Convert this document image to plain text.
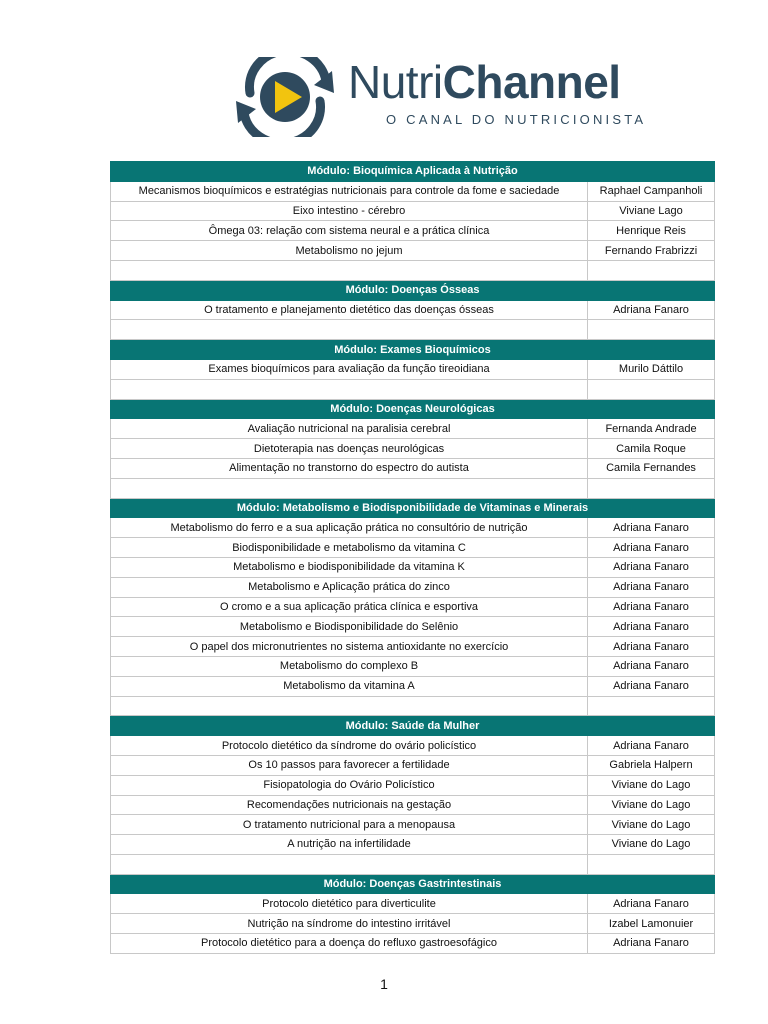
NutriChannel
O CANAL DO NUTRICIONISTA
Módulo: Bioquímica Aplicada à Nutrição	
Mecanismos bioquímicos e estratégias nutricionais para controle da fome e saciedade	Raphael Campanholi
Eixo intestino - cérebro	Viviane Lago
Ômega 03: relação com sistema neural e a prática clínica	Henrique Reis
Metabolismo no jejum	Fernando Frabrizzi

Módulo: Doenças Ósseas	
O tratamento e planejamento dietético das doenças ósseas	Adriana Fanaro

Módulo: Exames Bioquímicos	
Exames bioquímicos para avaliação da função tireoidiana	Murilo Dáttilo

Módulo: Doenças Neurológicas	
Avaliação nutricional na paralisia cerebral	Fernanda Andrade
Dietoterapia nas doenças neurológicas	Camila Roque
Alimentação no transtorno do espectro do autista	Camila Fernandes

Módulo: Metabolismo e Biodisponibilidade de Vitaminas e Minerais	
Metabolismo do ferro e a sua aplicação prática no consultório de nutrição	Adriana Fanaro
Biodisponibilidade e metabolismo da vitamina C	Adriana Fanaro
Metabolismo e biodisponibilidade da vitamina K	Adriana Fanaro
Metabolismo e Aplicação prática do zinco	Adriana Fanaro
O cromo e a sua aplicação prática clínica e esportiva	Adriana Fanaro
Metabolismo e Biodisponibilidade do Selênio	Adriana Fanaro
O papel dos micronutrientes no sistema antioxidante no exercício	Adriana Fanaro
Metabolismo do complexo B	Adriana Fanaro
Metabolismo da vitamina A	Adriana Fanaro

Módulo: Saúde da Mulher	
Protocolo dietético da síndrome do ovário policístico	Adriana Fanaro
Os 10 passos para favorecer a fertilidade	Gabriela Halpern
Fisiopatologia do Ovário Policístico	Viviane do Lago
Recomendações nutricionais na gestação	Viviane do Lago
O tratamento nutricional para a menopausa	Viviane do Lago
A nutrição na infertilidade	Viviane do Lago

Módulo: Doenças Gastrintestinais	
Protocolo dietético para diverticulite	Adriana Fanaro
Nutrição na síndrome do intestino irritável	Izabel Lamonuier
Protocolo dietético para a doença do refluxo gastroesofágico	Adriana Fanaro
1
